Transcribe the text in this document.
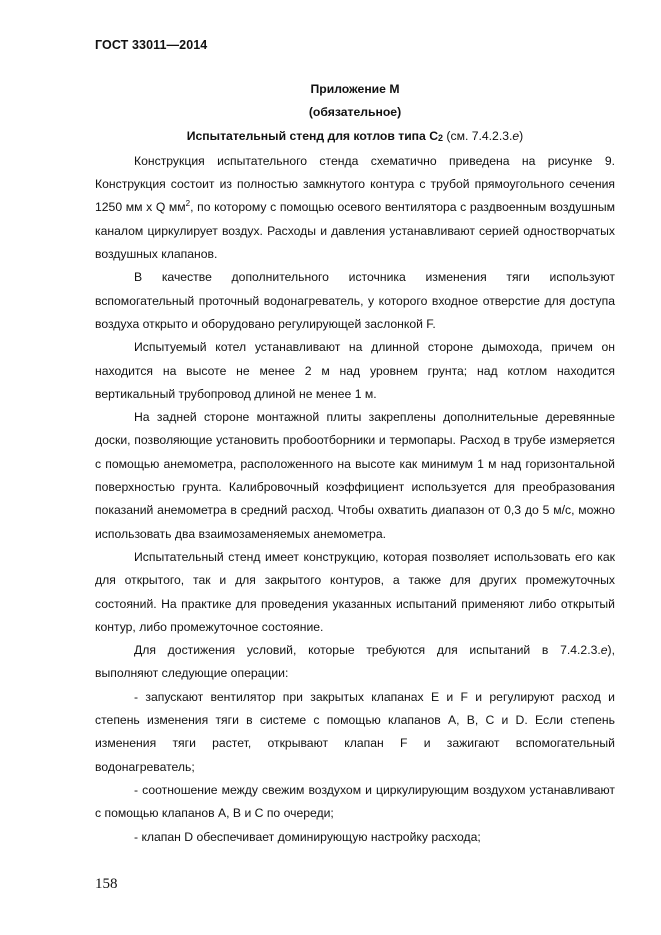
ГОСТ 33011—2014

Приложение М

(обязательное)

Испытательный стенд для котлов типа С2 (см. 7.4.2.3.е)

Конструкция испытательного стенда схематично приведена на рисунке 9. Конструкция состоит из полностью замкнутого контура с трубой прямоугольного сечения 1250 мм х Q $мм^2$, по которому с помощью осевого вентилятора с раздвоенным воздушным каналом циркулирует воздух. Расходы и давления устанавливают серией одностворчатых воздушных клапанов.

В качестве дополнительного источника изменения тяги используют вспомогательный проточный водонагреватель, у которого входное отверстие для доступа воздуха открыто и оборудовано регулирующей заслонкой F.

Испытуемый котел устанавливают на длинной стороне дымохода, причем он находится на высоте не менее 2 м над уровнем грунта; над котлом находится вертикальный трубопровод длиной не менее 1 м.

На задней стороне монтажной плиты закреплены дополнительные деревянные доски, позволяющие установить пробоотборники и термопары. Расход в трубе измеряется с помощью анемометра, расположенного на высоте как минимум 1 м над горизонтальной поверхностью грунта. Калибровочный коэффициент используется для преобразования показаний анемометра в средний расход. Чтобы охватить диапазон от 0,3 до 5 м/с, можно использовать два взаимозаменяемых анемометра.

Испытательный стенд имеет конструкцию, которая позволяет использовать его как для открытого, так и для закрытого контуров, а также для других промежуточных состояний. На практике для проведения указанных испытаний применяют либо открытый контур, либо промежуточное состояние.

Для достижения условий, которые требуются для испытаний в 7.4.2.3.е), выполняют следующие операции:

- запускают вентилятор при закрытых клапанах E и F и регулируют расход и степень изменения тяги в системе с помощью клапанов А, В, С и D. Если степень изменения тяги растет, открывают клапан F и зажигают вспомогательный водонагреватель;

- соотношение между свежим воздухом и циркулирующим воздухом устанавливают с помощью клапанов А, В и С по очереди;

- клапан D обеспечивает доминирующую настройку расхода;

158
